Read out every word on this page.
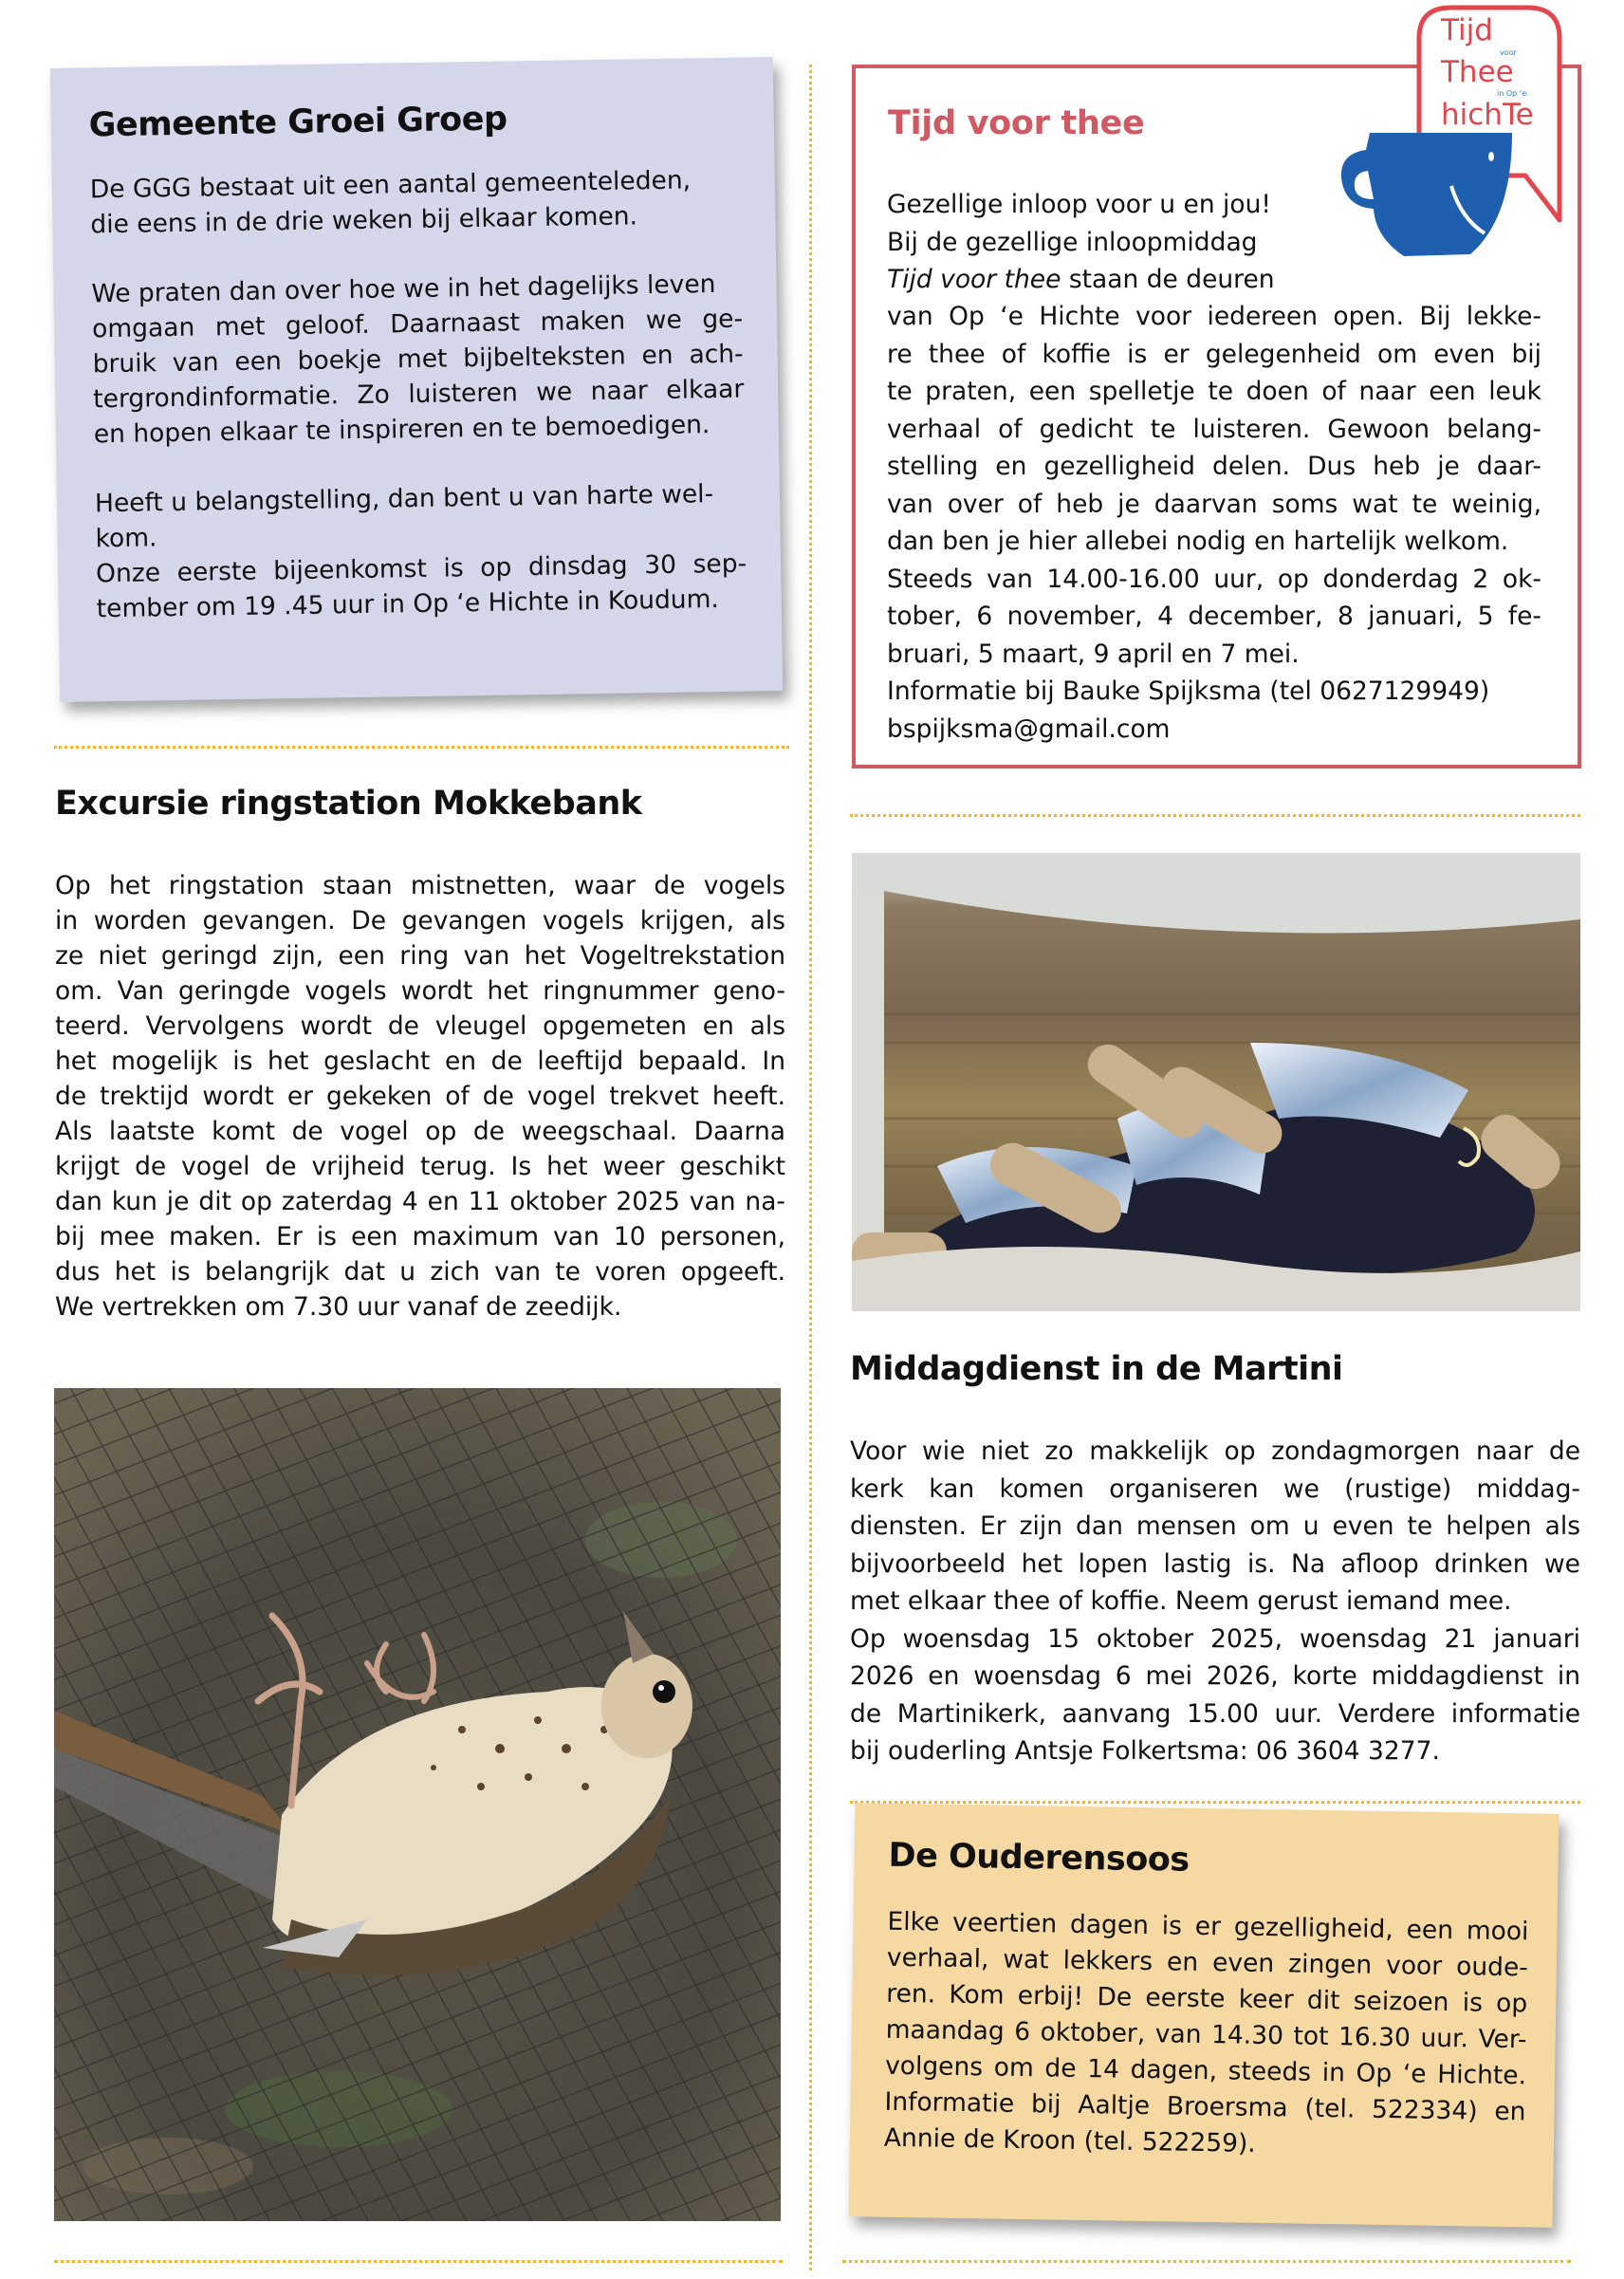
Gemeente Groei Groep
De GGG bestaat uit een aantal gemeenteleden,
die eens in de drie weken bij elkaar komen.
We praten dan over hoe we in het dagelijks leven
omgaan met geloof. Daarnaast maken we ge-
bruik van een boekje met bijbelteksten en ach-
tergrondinformatie. Zo luisteren we naar elkaar
en hopen elkaar te inspireren en te bemoedigen.
Heeft u belangstelling, dan bent u van harte wel-
kom.
Onze eerste bijeenkomst is op dinsdag 30 sep-
tember om 19 .45 uur in Op ‘e Hichte in Koudum.
Tijd voor thee
Tijd
voor
Thee
in Op ‘e
hichTe
Gezellige inloop voor u en jou!
Bij de gezellige inloopmiddag
Tijd voor thee staan de deuren
van Op ‘e Hichte voor iedereen open. Bij lekke-
re thee of koffie is er gelegenheid om even bij
te praten, een spelletje te doen of naar een leuk
verhaal of gedicht te luisteren. Gewoon belang-
stelling en gezelligheid delen. Dus heb je daar-
van over of heb je daarvan soms wat te weinig,
dan ben je hier allebei nodig en hartelijk welkom.
Steeds van 14.00-16.00 uur, op donderdag 2 ok-
tober, 6 november, 4 december, 8 januari, 5 fe-
bruari, 5 maart, 9 april en 7 mei.
Informatie bij Bauke Spijksma (tel 0627129949)
bspijksma@gmail.com
Excursie ringstation Mokkebank
Op het ringstation staan mistnetten, waar de vogels
in worden gevangen. De gevangen vogels krijgen, als
ze niet geringd zijn, een ring van het Vogeltrekstation
om. Van geringde vogels wordt het ringnummer geno-
teerd. Vervolgens wordt de vleugel opgemeten en als
het mogelijk is het geslacht en de leeftijd bepaald. In
de trektijd wordt er gekeken of de vogel trekvet heeft.
Als laatste komt de vogel op de weegschaal. Daarna
krijgt de vogel de vrijheid terug. Is het weer geschikt
dan kun je dit op zaterdag 4 en 11 oktober 2025 van na-
bij mee maken. Er is een maximum van 10 personen,
dus het is belangrijk dat u zich van te voren opgeeft.
We vertrekken om 7.30 uur vanaf de zeedijk.
Middagdienst in de Martini
Voor wie niet zo makkelijk op zondagmorgen naar de
kerk kan komen organiseren we (rustige) middag-
diensten. Er zijn dan mensen om u even te helpen als
bijvoorbeeld het lopen lastig is. Na afloop drinken we
met elkaar thee of koffie. Neem gerust iemand mee.
Op woensdag 15 oktober 2025, woensdag 21 januari
2026 en woensdag 6 mei 2026, korte middagdienst in
de Martinikerk, aanvang 15.00 uur. Verdere informatie
bij ouderling Antsje Folkertsma: 06 3604 3277.
De Ouderensoos
Elke veertien dagen is er gezelligheid, een mooi
verhaal, wat lekkers en even zingen voor oude-
ren. Kom erbij! De eerste keer dit seizoen is op
maandag 6 oktober, van 14.30 tot 16.30 uur. Ver-
volgens om de 14 dagen, steeds in Op ‘e Hichte.
Informatie bij Aaltje Broersma (tel. 522334) en
Annie de Kroon (tel. 522259).
